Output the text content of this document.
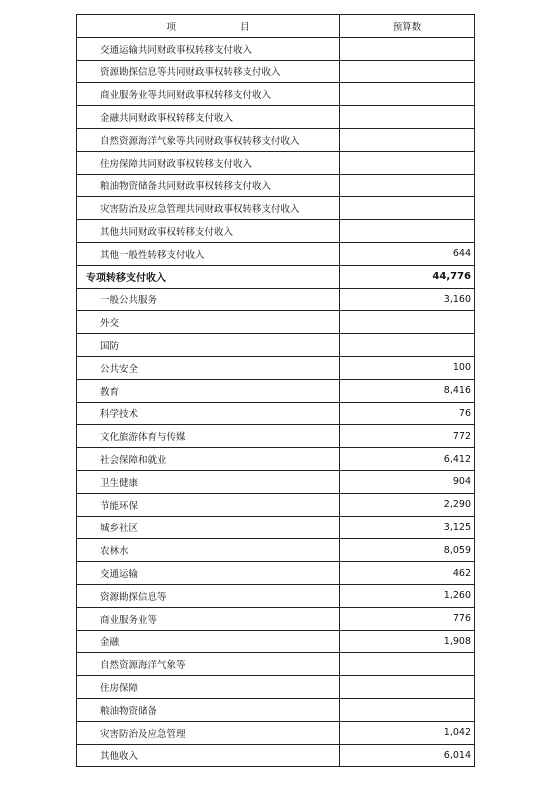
项 目	预算数
交通运输共同财政事权转移支付收入	
资源勘探信息等共同财政事权转移支付收入	
商业服务业等共同财政事权转移支付收入	
金融共同财政事权转移支付收入	
自然资源海洋气象等共同财政事权转移支付收入	
住房保障共同财政事权转移支付收入	
粮油物资储备共同财政事权转移支付收入	
灾害防治及应急管理共同财政事权转移支付收入	
其他共同财政事权转移支付收入	
其他一般性转移支付收入	644
专项转移支付收入	44,776
一般公共服务	3,160
外交	
国防	
公共安全	100
教育	8,416
科学技术	76
文化旅游体育与传媒	772
社会保障和就业	6,412
卫生健康	904
节能环保	2,290
城乡社区	3,125
农林水	8,059
交通运输	462
资源勘探信息等	1,260
商业服务业等	776
金融	1,908
自然资源海洋气象等	
住房保障	
粮油物资储备	
灾害防治及应急管理	1,042
其他收入	6,014
